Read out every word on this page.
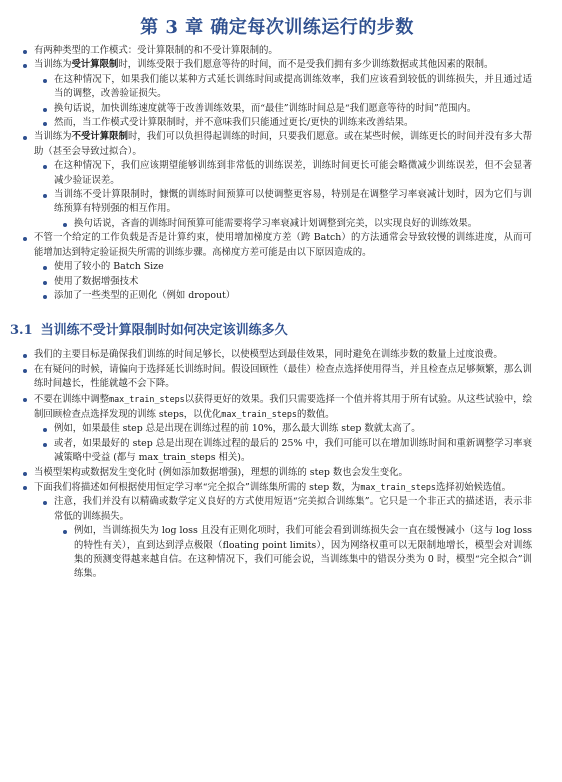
第 3 章 确定每次训练运行的步数
有两种类型的工作模式：受计算限制的和不受计算限制的。
当训练为受计算限制时，训练受限于我们愿意等待的时间，而不是受我们拥有多少训练数据或其他因素的限制。
在这种情况下，如果我们能以某种方式延长训练时间或提高训练效率，我们应该看到较低的训练损失，并且通过适当的调整，改善验证损失。
换句话说，加快训练速度就等于改善训练效果，而“最佳”训练时间总是“我们愿意等待的时间”范围内。
然而，当工作模式受计算限制时，并不意味我们只能通过更长/更快的训练来改善结果。
当训练为不受计算限制时，我们可以负担得起训练的时间，只要我们愿意。或在某些时候，训练更长的时间并没有多大帮助（甚至会导致过拟合）。
在这种情况下，我们应该期望能够训练到非常低的训练误差，训练时间更长可能会略微减少训练误差，但不会显著减少验证误差。
当训练不受计算限制时，慷慨的训练时间预算可以使调整更容易，特别是在调整学习率衰减计划时，因为它们与训练预算有特别强的相互作用。
换句话说，吝啬的训练时间预算可能需要将学习率衰减计划调整到完美，以实现良好的训练效果。
不管一个给定的工作负载是否是计算约束，使用增加梯度方差（跨 Batch）的方法通常会导致较慢的训练进度，从而可能增加达到特定验证损失所需的训练步骤。高梯度方差可能是由以下原因造成的。
使用了较小的 Batch Size
使用了数据增强技术
添加了一些类型的正则化（例如 dropout）
3.1 当训练不受计算限制时如何决定该训练多久
我们的主要目标是确保我们训练的时间足够长，以使模型达到最佳效果，同时避免在训练步数的数量上过度浪费。
在有疑问的时候，请偏向于选择延长训练时间。假设回顾性（最佳）检查点选择使用得当，并且检查点足够频繁，那么训练时间越长，性能就越不会下降。
不要在训练中调整max_train_steps以获得更好的效果。我们只需要选择一个值并将其用于所有试验。从这些试验中，绘制回顾检查点选择发现的训练 steps，以优化max_train_steps的数值。
例如，如果最佳 step 总是出现在训练过程的前 10%，那么最大训练 step 数就太高了。
或者，如果最好的 step 总是出现在训练过程的最后的 25% 中，我们可能可以在增加训练时间和重新调整学习率衰减策略中受益 (都与 max_train_steps 相关)。
当模型架构或数据发生变化时 (例如添加数据增强)，理想的训练的 step 数也会发生变化。
下面我们将描述如何根据使用恒定学习率“完全拟合”训练集所需的 step 数，为max_train_steps选择初始候选值。
注意，我们并没有以精确或数学定义良好的方式使用短语“完美拟合训练集”。它只是一个非正式的描述语，表示非常低的训练损失。
例如，当训练损失为 log loss 且没有正则化项时，我们可能会看到训练损失会一直在缓慢减小（这与 log loss 的特性有关），直到达到浮点极限（floating point limits），因为网络权重可以无限制地增长，模型会对训练集的预测变得越来越自信。在这种情况下，我们可能会说，当训练集中的错误分类为 0 时，模型“完全拟合”训练集。
